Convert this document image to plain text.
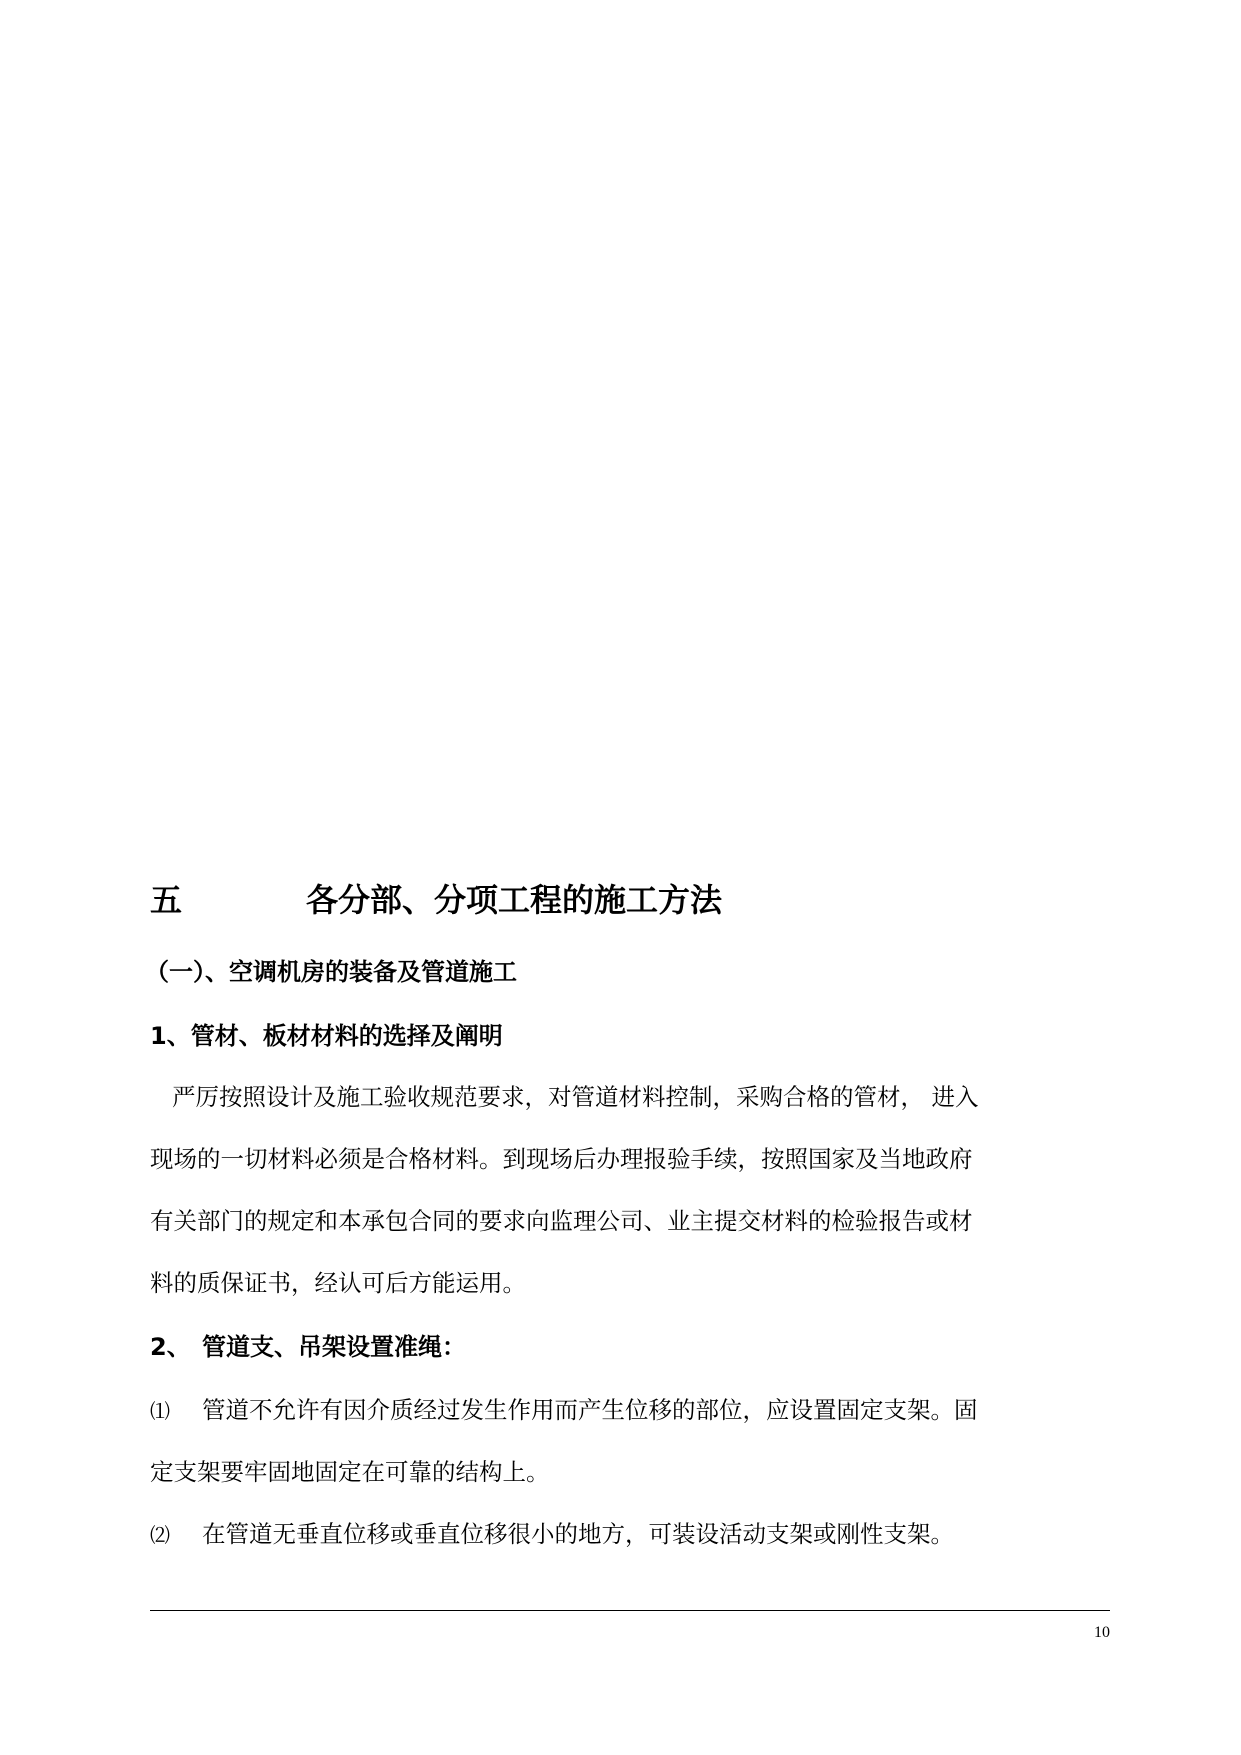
五	各分部、分项工程的施工方法
（一）、空调机房的装备及管道施工
1、管材、板材材料的选择及阐明
严厉按照设计及施工验收规范要求，对管道材料控制，采购合格的管材， 进入
现场的一切材料必须是合格材料。到现场后办理报验手续，按照国家及当地政府
有关部门的规定和本承包合同的要求向监理公司、业主提交材料的检验报告或材
料的质保证书，经认可后方能运用。
2、 管道支、吊架设置准绳：
⑴ 管道不允许有因介质经过发生作用而产生位移的部位，应设置固定支架。固
定支架要牢固地固定在可靠的结构上。
⑵ 在管道无垂直位移或垂直位移很小的地方，可装设活动支架或刚性支架。
10
